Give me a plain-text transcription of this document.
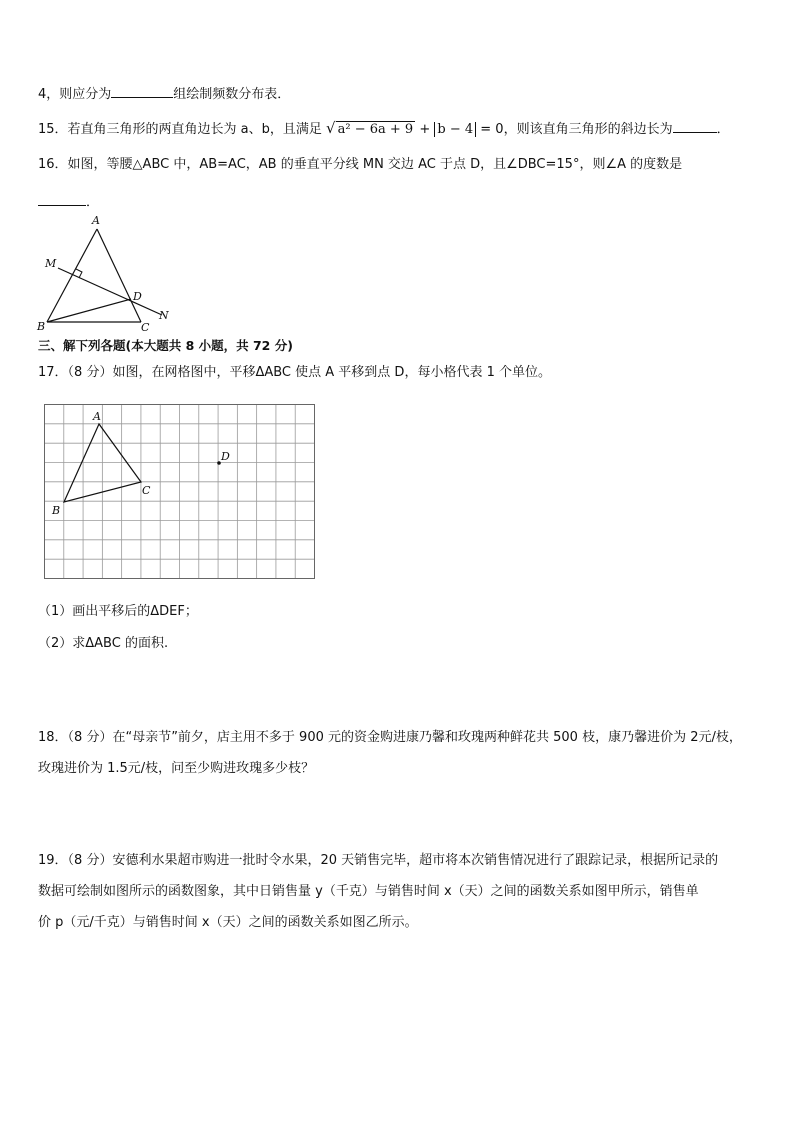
4，则应分为	组绘制频数分布表．
15．若直角三角形的两直角边长为 a、b，且满足 √ a² − 6a + 9 + b − 4 = 0，则该直角三角形的斜边长为	．
16．如图，等腰△ABC 中，AB=AC，AB 的垂直平分线 MN 交边 AC 于点 D，且∠DBC=15°，则∠A 的度数是
．
A
M
D
N
B	C
三、解下列各题(本大题共 8 小题，共 72 分)
17．（8 分）如图，在网格图中，平移ΔABC 使点 A 平移到点 D，每小格代表 1 个单位。
A
B
C
D
（1）画出平移后的ΔDEF；
（2）求ΔABC 的面积.
18．（8 分）在“母亲节”前夕，店主用不多于 900 元的资金购进康乃馨和玫瑰两种鲜花共 500 枝，康乃馨进价为 2元/枝，
玫瑰进价为 1.5元/枝，问至少购进玫瑰多少枝？
19．（8 分）安德利水果超市购进一批时令水果，20 天销售完毕，超市将本次销售情况进行了跟踪记录，根据所记录的
数据可绘制如图所示的函数图象，其中日销售量 y（千克）与销售时间 x（天）之间的函数关系如图甲所示，销售单
价 p（元/千克）与销售时间 x（天）之间的函数关系如图乙所示。
